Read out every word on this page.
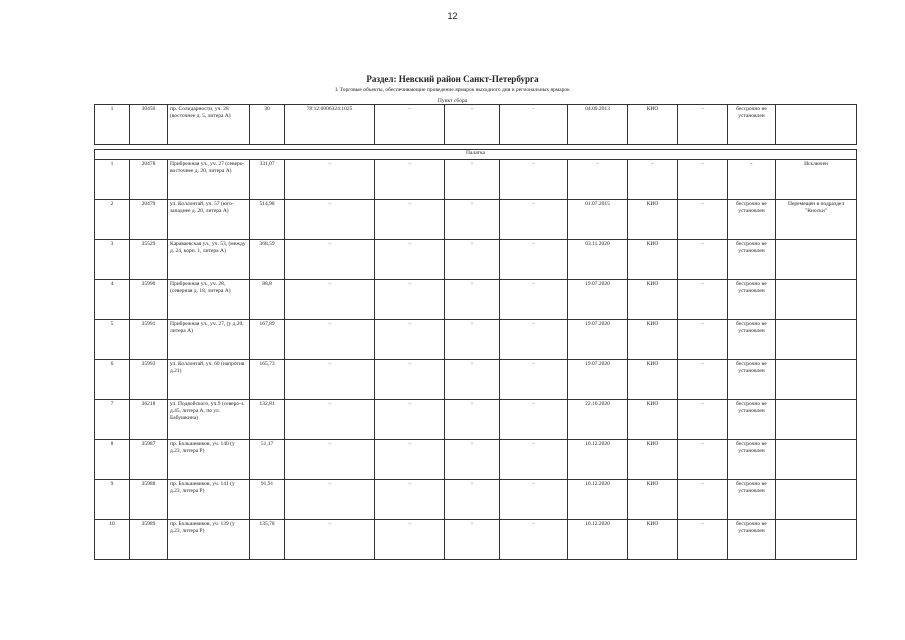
12
Раздел: Невский район Санкт-Петербурга
I. Торговые объекты, обеспечивающие проведение ярмарок выходного дня и региональных ярмарок
Пункт сбора
1	30450	пр. Солидарности, уч. 28 (восточнее д. 5, литера А)	30	78:12:0006324:1025	-	-	-	04.09.2013	КИО	-	бессрочно не установлен	
Палатка												
1	20478	Прибрежная ул., уч. 27 (северо-восточнее д. 20, литера А)	331,07	-	-	-	-	-	-	-	-	Исключен
2	20479	ул. Коллонтай, уч. 57 (юго-западнее д. 20, литера А)	514,98	-	-	-	-	01.07.2015	КИО	-	бессрочно не установлен	Перемещен в подраздел "Киоски"
3	35529	Караваевская ул., уч. 53, (между д. 24, корп. 1, литера А)	368,59	-	-	-	-	03.11.2020	КИО	-	бессрочно не установлен	
4	35990	Прибрежная ул., уч. 28, (северная д. 18, литера А)	88,8	-	-	-	-	19.07.2020	КИО	-	бессрочно не установлен	
5	35991	Прибрежная ул., уч. 27, (у д.20, литера А)	167,89	-	-	-	-	19.07.2020	КИО	-	бессрочно не установлен	
6	35993	ул. Коллонтай, уч. 60 (напротив д.21)	165,73	-	-	-	-	19.07.2020	КИО	-	бессрочно не установлен	
7	36218	ул. Подвойского, уч.9 (северо-з. д.45, литера А, по ул. Бабушкина)	132,81	-	-	-	-	22.10.2020	КИО	-	бессрочно не установлен	
8	35987	пр. Большевиков, уч. 140 (у д.23, литера Р)	51,17	-	-	-	-	10.12.2020	КИО	-	бессрочно не установлен	
9	35988	пр. Большевиков, уч. 141 (у д.23, литера Р)	91,91	-	-	-	-	10.12.2020	КИО	-	бессрочно не установлен	
10	35989	пр. Большевиков, уч. 139 (у д.23, литера Р)	135,78	-	-	-	-	10.12.2020	КИО	-	бессрочно не установлен	
